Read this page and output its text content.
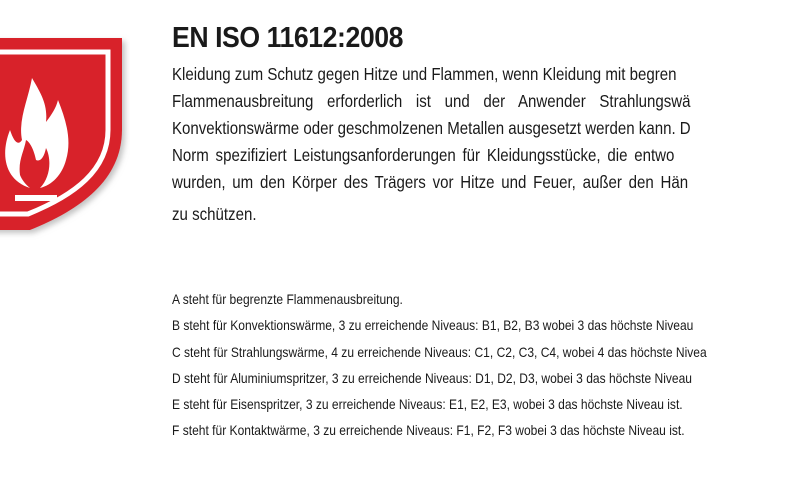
EN ISO 11612:2008
Kleidung zum Schutz gegen Hitze und Flammen, wenn Kleidung mit begren
Flammenausbreitung erforderlich ist und der Anwender Strahlungswä
Konvektionswärme oder geschmolzenen Metallen ausgesetzt werden kann. D
Norm spezifiziert Leistungsanforderungen für Kleidungsstücke, die entwo
wurden, um den Körper des Trägers vor Hitze und Feuer, außer den Hän
zu schützen.
A steht für begrenzte Flammenausbreitung.
B steht für Konvektionswärme, 3 zu erreichende Niveaus: B1, B2, B3 wobei 3 das höchste Niveau
C steht für Strahlungswärme, 4 zu erreichende Niveaus: C1, C2, C3, C4, wobei 4 das höchste Nivea
D steht für Aluminiumspritzer, 3 zu erreichende Niveaus: D1, D2, D3, wobei 3 das höchste Niveau
E steht für Eisenspritzer, 3 zu erreichende Niveaus: E1, E2, E3, wobei 3 das höchste Niveau ist.
F steht für Kontaktwärme, 3 zu erreichende Niveaus: F1, F2, F3 wobei 3 das höchste Niveau ist.
